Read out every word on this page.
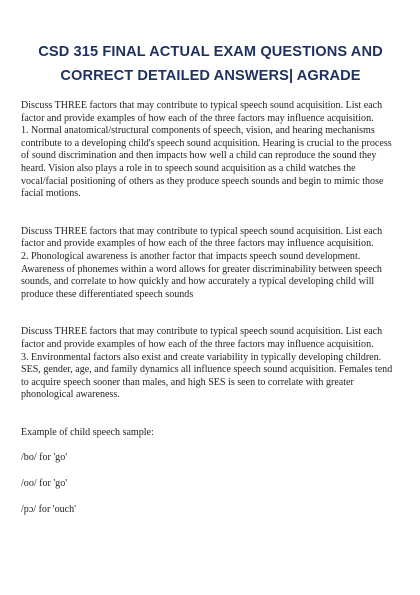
CSD 315 FINAL ACTUAL EXAM QUESTIONS AND CORRECT DETAILED ANSWERS| AGRADE

Discuss THREE factors that may contribute to typical speech sound acquisition. List each factor and provide examples of how each of the three factors may influence acquisition.

1. Normal anatomical/structural components of speech, vision, and hearing mechanisms contribute to a developing child's speech sound acquisition. Hearing is crucial to the process of sound discrimination and then impacts how well a child can reproduce the sound they heard. Vision also plays a role in to speech sound acquisition as a child watches the vocal/facial positioning of others as they produce speech sounds and begin to mimic those facial motions.

Discuss THREE factors that may contribute to typical speech sound acquisition. List each factor and provide examples of how each of the three factors may influence acquisition.

2. Phonological awareness is another factor that impacts speech sound development. Awareness of phonemes within a word allows for greater discriminability between speech sounds, and correlate to how quickly and how accurately a typical developing child will produce these differentiated speech sounds

Discuss THREE factors that may contribute to typical speech sound acquisition. List each factor and provide examples of how each of the three factors may influence acquisition.

3. Environmental factors also exist and create variability in typically developing children. SES, gender, age, and family dynamics all influence speech sound acquisition. Females tend to acquire speech sooner than males, and high SES is seen to correlate with greater phonological awareness.

Example of child speech sample:

/bo/ for 'go'

/oo/ for 'go'

/pɔ/ for 'ouch'
